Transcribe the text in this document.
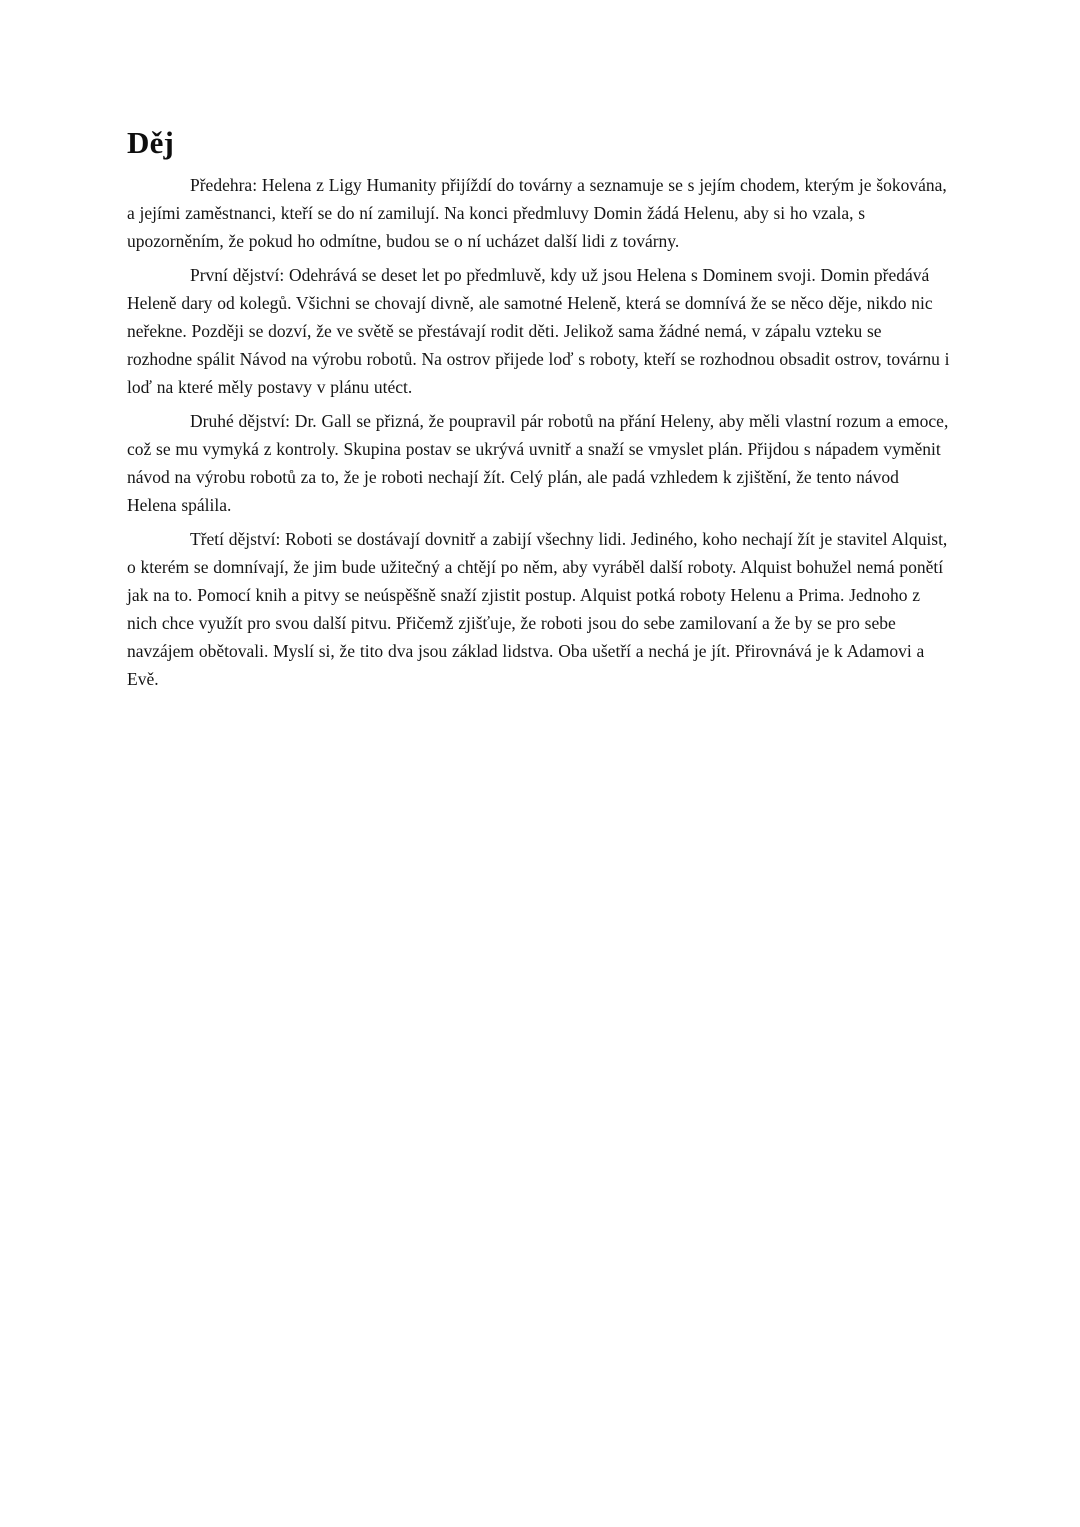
Děj

Předehra: Helena z Ligy Humanity přijíždí do továrny a seznamuje se s jejím chodem, kterým je šokována, a jejími zaměstnanci, kteří se do ní zamilují. Na konci předmluvy Domin žádá Helenu, aby si ho vzala, s upozorněním, že pokud ho odmítne, budou se o ní ucházet další lidi z továrny.

První dějství: Odehrává se deset let po předmluvě, kdy už jsou Helena s Dominem svoji. Domin předává Heleně dary od kolegů. Všichni se chovají divně, ale samotné Heleně, která se domnívá že se něco děje, nikdo nic neřekne. Později se dozví, že ve světě se přestávají rodit děti. Jelikož sama žádné nemá, v zápalu vzteku se rozhodne spálit Návod na výrobu robotů. Na ostrov přijede loď s roboty, kteří se rozhodnou obsadit ostrov, továrnu i loď na které měly postavy v plánu utéct.

Druhé dějství: Dr. Gall se přizná, že poupravil pár robotů na přání Heleny, aby měli vlastní rozum a emoce, což se mu vymyká z kontroly. Skupina postav se ukrývá uvnitř a snaží se vmyslet plán. Přijdou s nápadem vyměnit návod na výrobu robotů za to, že je roboti nechají žít. Celý plán, ale padá vzhledem k zjištění, že tento návod Helena spálila.

Třetí dějství: Roboti se dostávají dovnitř a zabijí všechny lidi. Jediného, koho nechají žít je stavitel Alquist, o kterém se domnívají, že jim bude užitečný a chtějí po něm, aby vyráběl další roboty. Alquist bohužel nemá ponětí jak na to. Pomocí knih a pitvy se neúspěšně snaží zjistit postup. Alquist potká roboty Helenu a Prima. Jednoho z nich chce využít pro svou další pitvu. Přičemž zjišťuje, že roboti jsou do sebe zamilovaní a že by se pro sebe navzájem obětovali. Myslí si, že tito dva jsou základ lidstva. Oba ušetří a nechá je jít. Přirovnává je k Adamovi a Evě.
